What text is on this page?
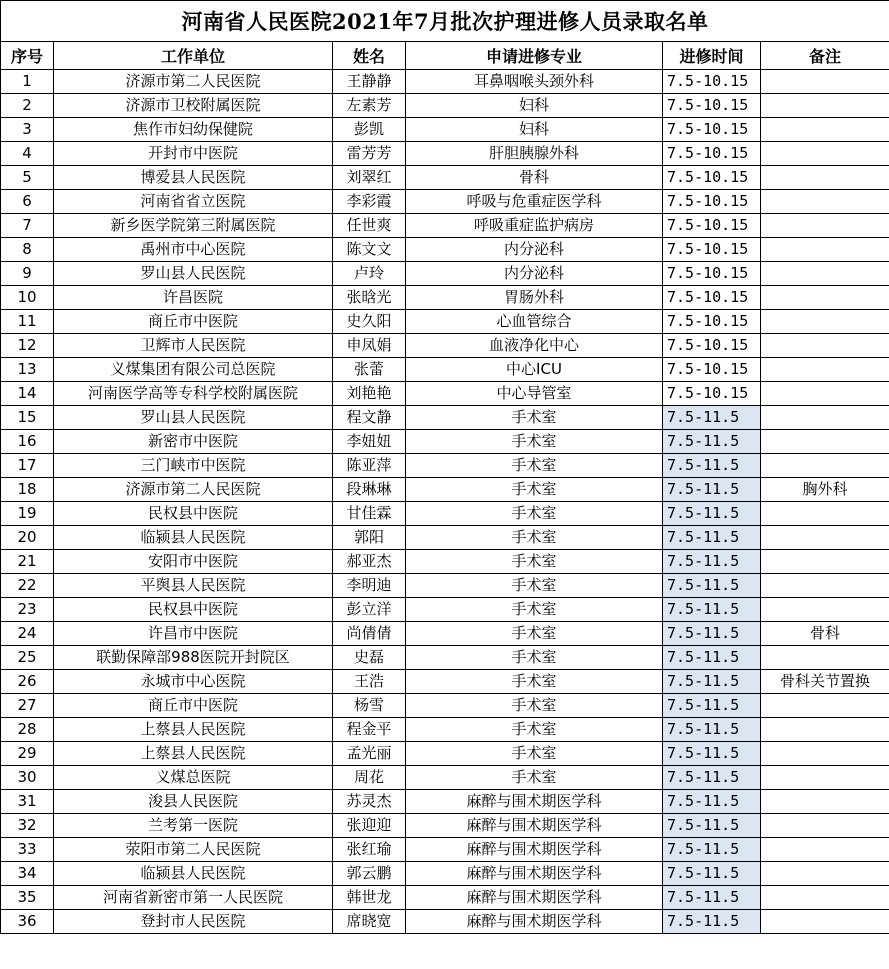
河南省人民医院2021年7月批次护理进修人员录取名单					
序号	工作单位	姓名	申请进修专业	进修时间	备注
1	济源市第二人民医院	王静静	耳鼻咽喉头颈外科	7.5-10.15	
2	济源市卫校附属医院	左素芳	妇科	7.5-10.15	
3	焦作市妇幼保健院	彭凯	妇科	7.5-10.15	
4	开封市中医院	雷芳芳	肝胆胰腺外科	7.5-10.15	
5	博爱县人民医院	刘翠红	骨科	7.5-10.15	
6	河南省省立医院	李彩霞	呼吸与危重症医学科	7.5-10.15	
7	新乡医学院第三附属医院	任世爽	呼吸重症监护病房	7.5-10.15	
8	禹州市中心医院	陈文文	内分泌科	7.5-10.15	
9	罗山县人民医院	卢玲	内分泌科	7.5-10.15	
10	许昌医院	张晗光	胃肠外科	7.5-10.15	
11	商丘市中医院	史久阳	心血管综合	7.5-10.15	
12	卫辉市人民医院	申凤娟	血液净化中心	7.5-10.15	
13	义煤集团有限公司总医院	张蕾	中心ICU	7.5-10.15	
14	河南医学高等专科学校附属医院	刘艳艳	中心导管室	7.5-10.15	
15	罗山县人民医院	程文静	手术室	7.5-11.5	
16	新密市中医院	李妞妞	手术室	7.5-11.5	
17	三门峡市中医院	陈亚萍	手术室	7.5-11.5	
18	济源市第二人民医院	段琳琳	手术室	7.5-11.5	胸外科
19	民权县中医院	甘佳霖	手术室	7.5-11.5	
20	临颍县人民医院	郭阳	手术室	7.5-11.5	
21	安阳市中医院	郝亚杰	手术室	7.5-11.5	
22	平舆县人民医院	李明迪	手术室	7.5-11.5	
23	民权县中医院	彭立洋	手术室	7.5-11.5	
24	许昌市中医院	尚倩倩	手术室	7.5-11.5	骨科
25	联勤保障部988医院开封院区	史磊	手术室	7.5-11.5	
26	永城市中心医院	王浩	手术室	7.5-11.5	骨科关节置换
27	商丘市中医院	杨雪	手术室	7.5-11.5	
28	上蔡县人民医院	程金平	手术室	7.5-11.5	
29	上蔡县人民医院	孟光丽	手术室	7.5-11.5	
30	义煤总医院	周花	手术室	7.5-11.5	
31	浚县人民医院	苏灵杰	麻醉与围术期医学科	7.5-11.5	
32	兰考第一医院	张迎迎	麻醉与围术期医学科	7.5-11.5	
33	荥阳市第二人民医院	张红瑜	麻醉与围术期医学科	7.5-11.5	
34	临颍县人民医院	郭云鹏	麻醉与围术期医学科	7.5-11.5	
35	河南省新密市第一人民医院	韩世龙	麻醉与围术期医学科	7.5-11.5	
36	登封市人民医院	席晓宽	麻醉与围术期医学科	7.5-11.5	
